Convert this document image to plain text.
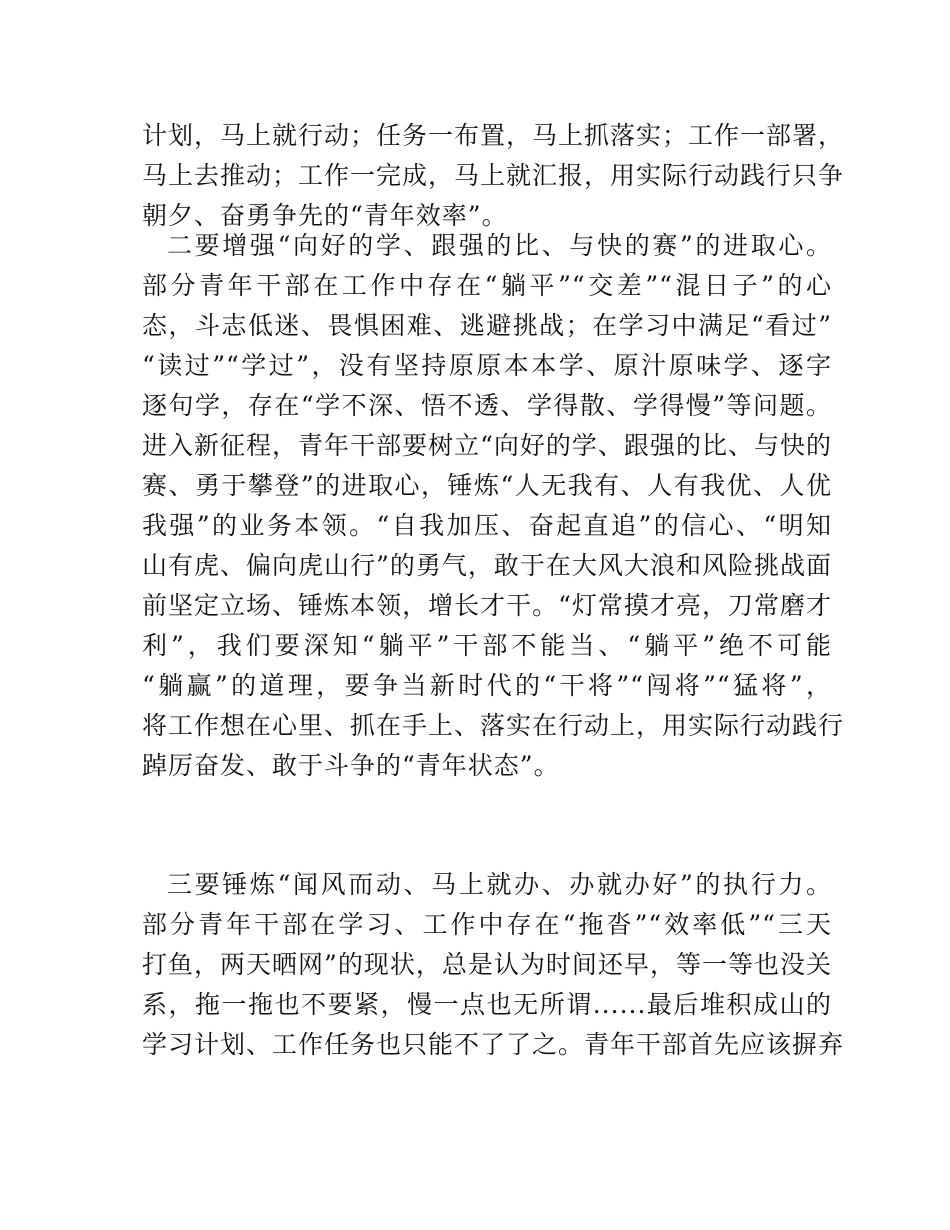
计划，马上就行动；任务一布置，马上抓落实；工作一部署，
马上去推动；工作一完成，马上就汇报，用实际行动践行只争
朝夕、奋勇争先的“青年效率”。
二要增强“向好的学、跟强的比、与快的赛”的进取心。
部分青年干部在工作中存在“躺平”“交差”“混日子”的心
态，斗志低迷、畏惧困难、逃避挑战；在学习中满足“看过”
“读过”“学过”，没有坚持原原本本学、原汁原味学、逐字
逐句学，存在“学不深、悟不透、学得散、学得慢”等问题。
进入新征程，青年干部要树立“向好的学、跟强的比、与快的
赛、勇于攀登”的进取心，锤炼“人无我有、人有我优、人优
我强”的业务本领。“自我加压、奋起直追”的信心、“明知
山有虎、偏向虎山行”的勇气，敢于在大风大浪和风险挑战面
前坚定立场、锤炼本领，增长才干。“灯常摸才亮，刀常磨才
利”，我们要深知“躺平”干部不能当、“躺平”绝不可能
“躺赢”的道理，要争当新时代的“干将”“闯将”“猛将”，
将工作想在心里、抓在手上、落实在行动上，用实际行动践行
踔厉奋发、敢于斗争的“青年状态”。
三要锤炼“闻风而动、马上就办、办就办好”的执行力。
部分青年干部在学习、工作中存在“拖沓”“效率低”“三天
打鱼，两天晒网”的现状，总是认为时间还早，等一等也没关
系，拖一拖也不要紧，慢一点也无所谓......最后堆积成山的
学习计划、工作任务也只能不了了之。青年干部首先应该摒弃
